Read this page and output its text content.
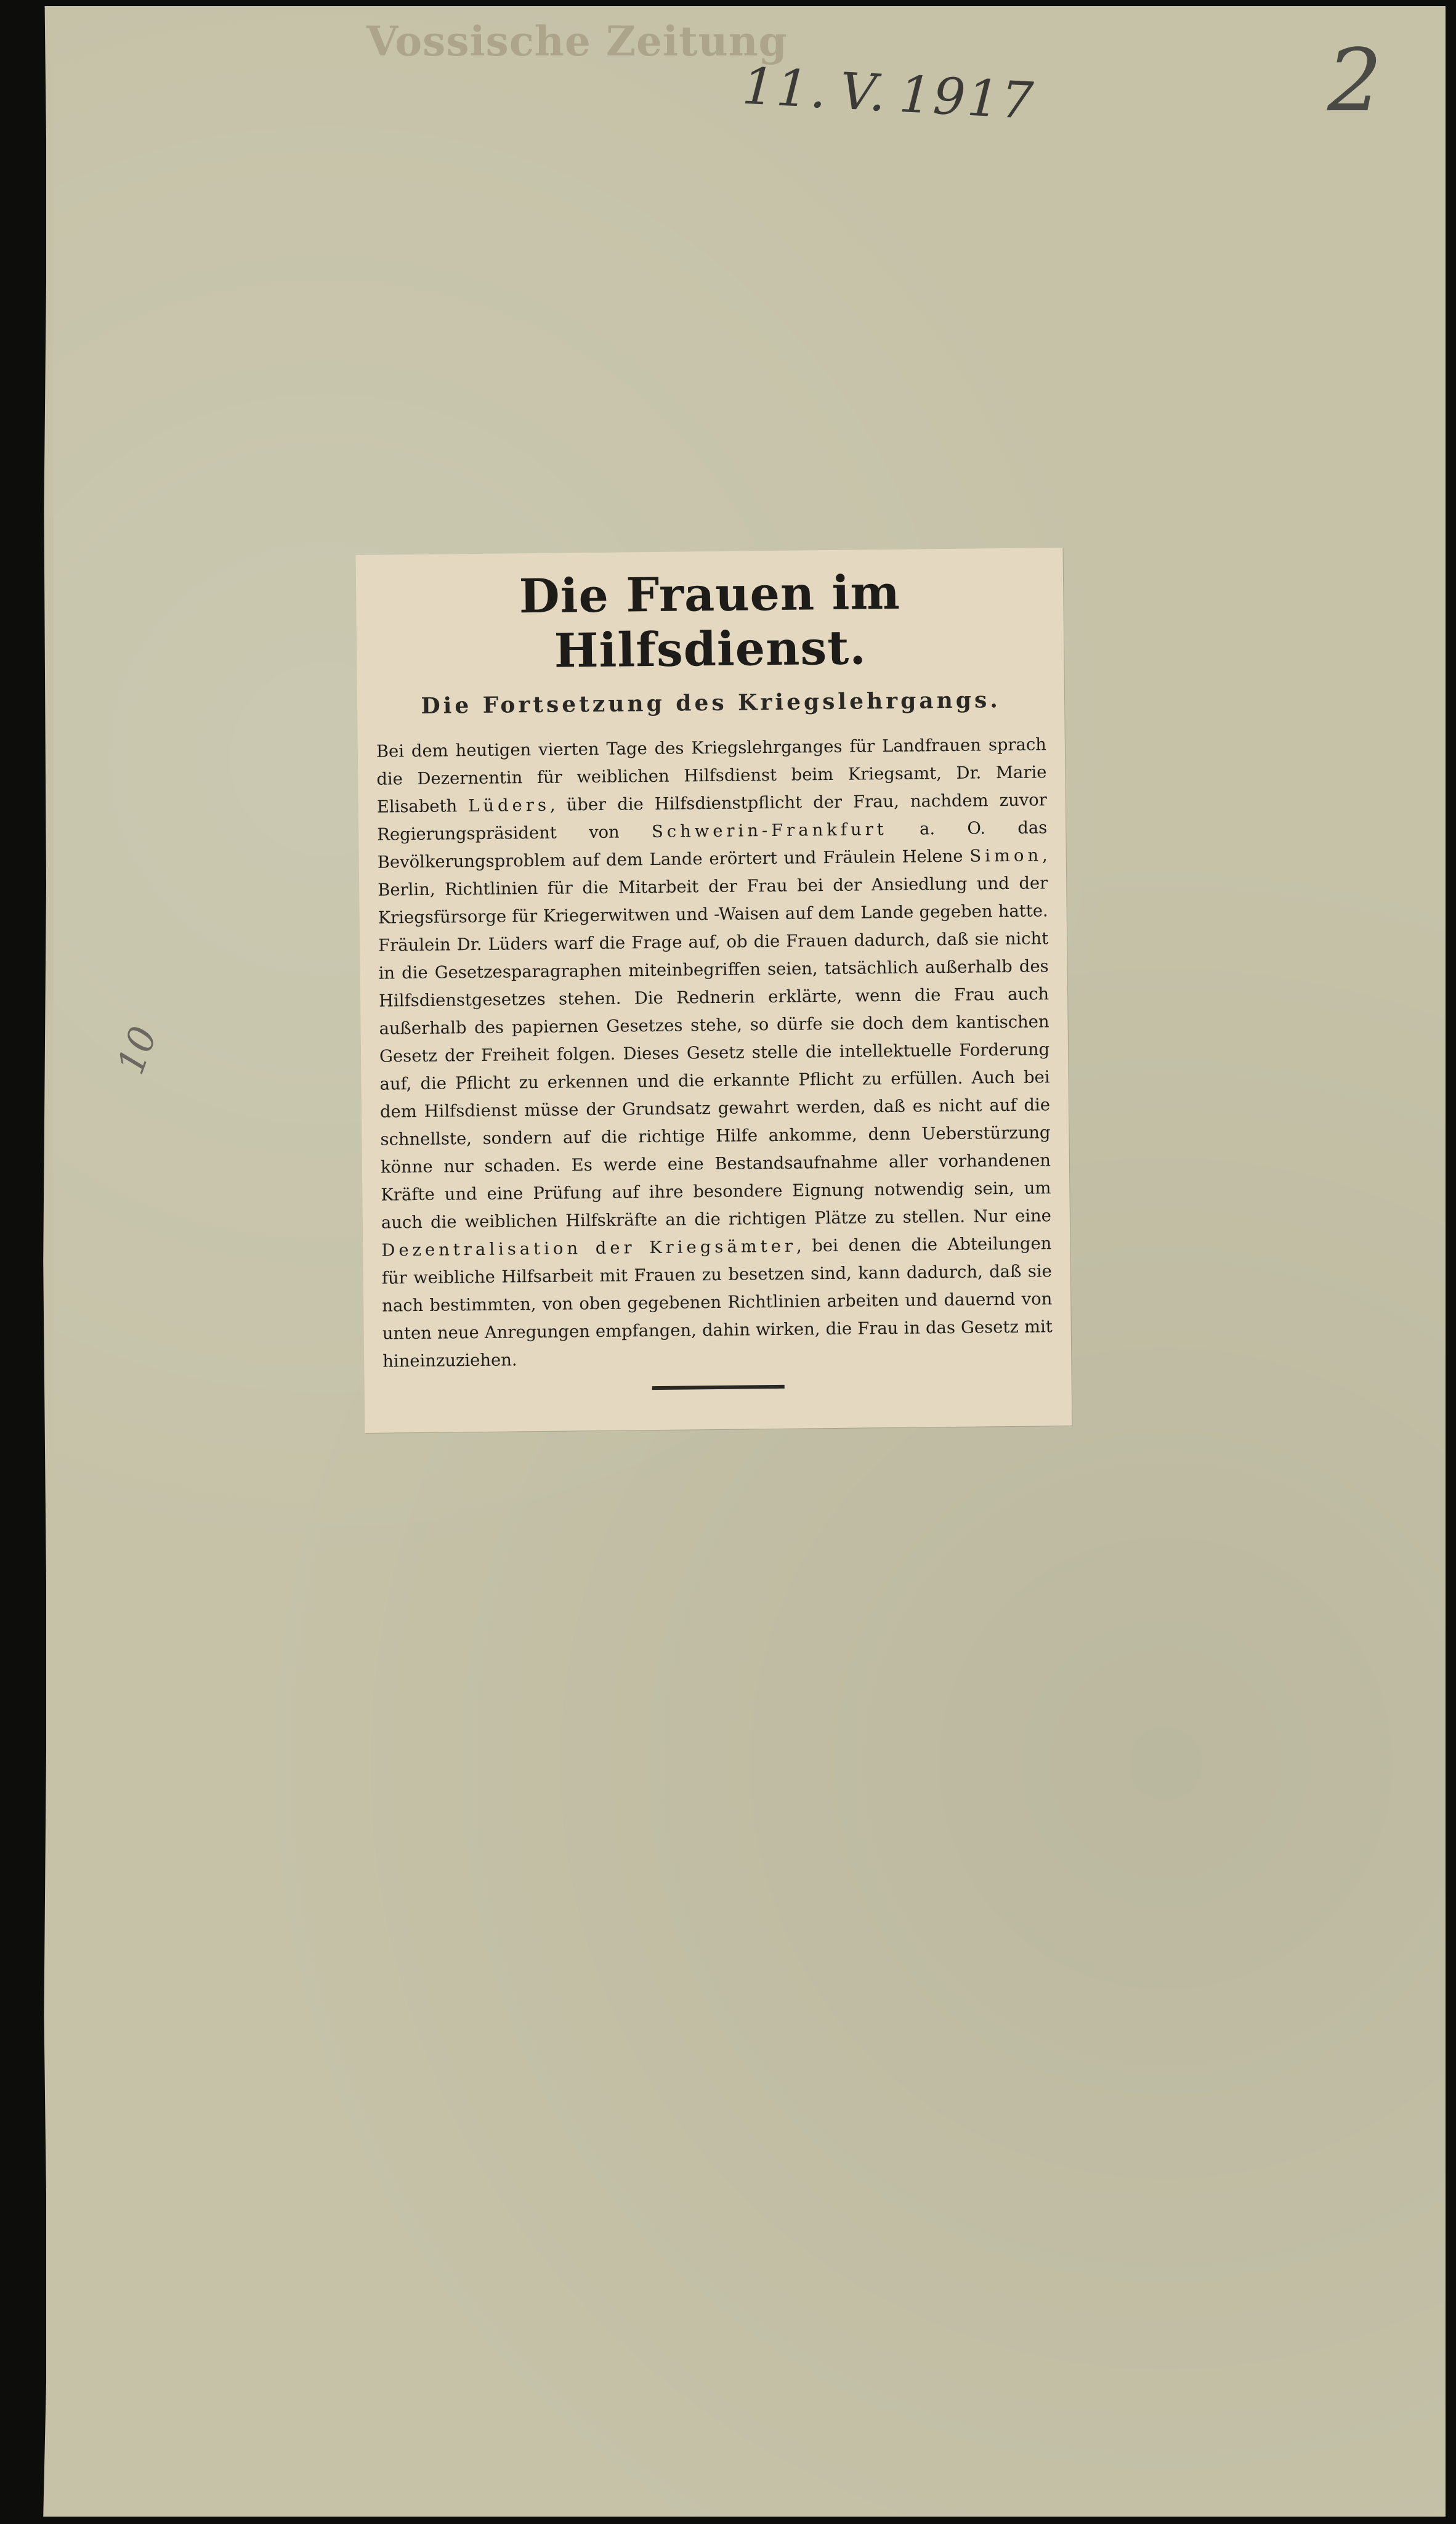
Vossische Zeitung
11. V. 1917	2
10
Die Frauen im Hilfsdienst.
Die Fortsetzung des Kriegslehrgangs.

Bei dem heutigen vierten Tage des Kriegslehrganges für Landfrauen sprach die Dezernentin für weiblichen Hilfsdienst beim Kriegsamt, Dr. Marie Elisabeth Lüders, über die Hilfsdienstpflicht der Frau, nachdem zuvor Regierungspräsident von Schwerin-Frankfurt a. O. das Bevölkerungsproblem auf dem Lande erörtert und Fräulein Helene Simon, Berlin, Richtlinien für die Mitarbeit der Frau bei der Ansiedlung und der Kriegsfürsorge für Kriegerwitwen und -Waisen auf dem Lande gegeben hatte. Fräulein Dr. Lüders warf die Frage auf, ob die Frauen dadurch, daß sie nicht in die Gesetzesparagraphen miteinbegriffen seien, tatsächlich außerhalb des Hilfsdienstgesetzes stehen. Die Rednerin erklärte, wenn die Frau auch außerhalb des papiernen Gesetzes stehe, so dürfe sie doch dem kantischen Gesetz der Freiheit folgen. Dieses Gesetz stelle die intellektuelle Forderung auf, die Pflicht zu erkennen und die erkannte Pflicht zu erfüllen. Auch bei dem Hilfsdienst müsse der Grundsatz gewahrt werden, daß es nicht auf die schnellste, sondern auf die richtige Hilfe ankomme, denn Ueberstürzung könne nur schaden. Es werde eine Bestandsaufnahme aller vorhandenen Kräfte und eine Prüfung auf ihre besondere Eignung notwendig sein, um auch die weiblichen Hilfskräfte an die richtigen Plätze zu stellen. Nur eine Dezentralisation der Kriegsämter, bei denen die Abteilungen für weibliche Hilfsarbeit mit Frauen zu besetzen sind, kann dadurch, daß sie nach bestimmten, von oben gegebenen Richtlinien arbeiten und dauernd von unten neue Anregungen empfangen, dahin wirken, die Frau in das Gesetz mit hineinzuziehen.
